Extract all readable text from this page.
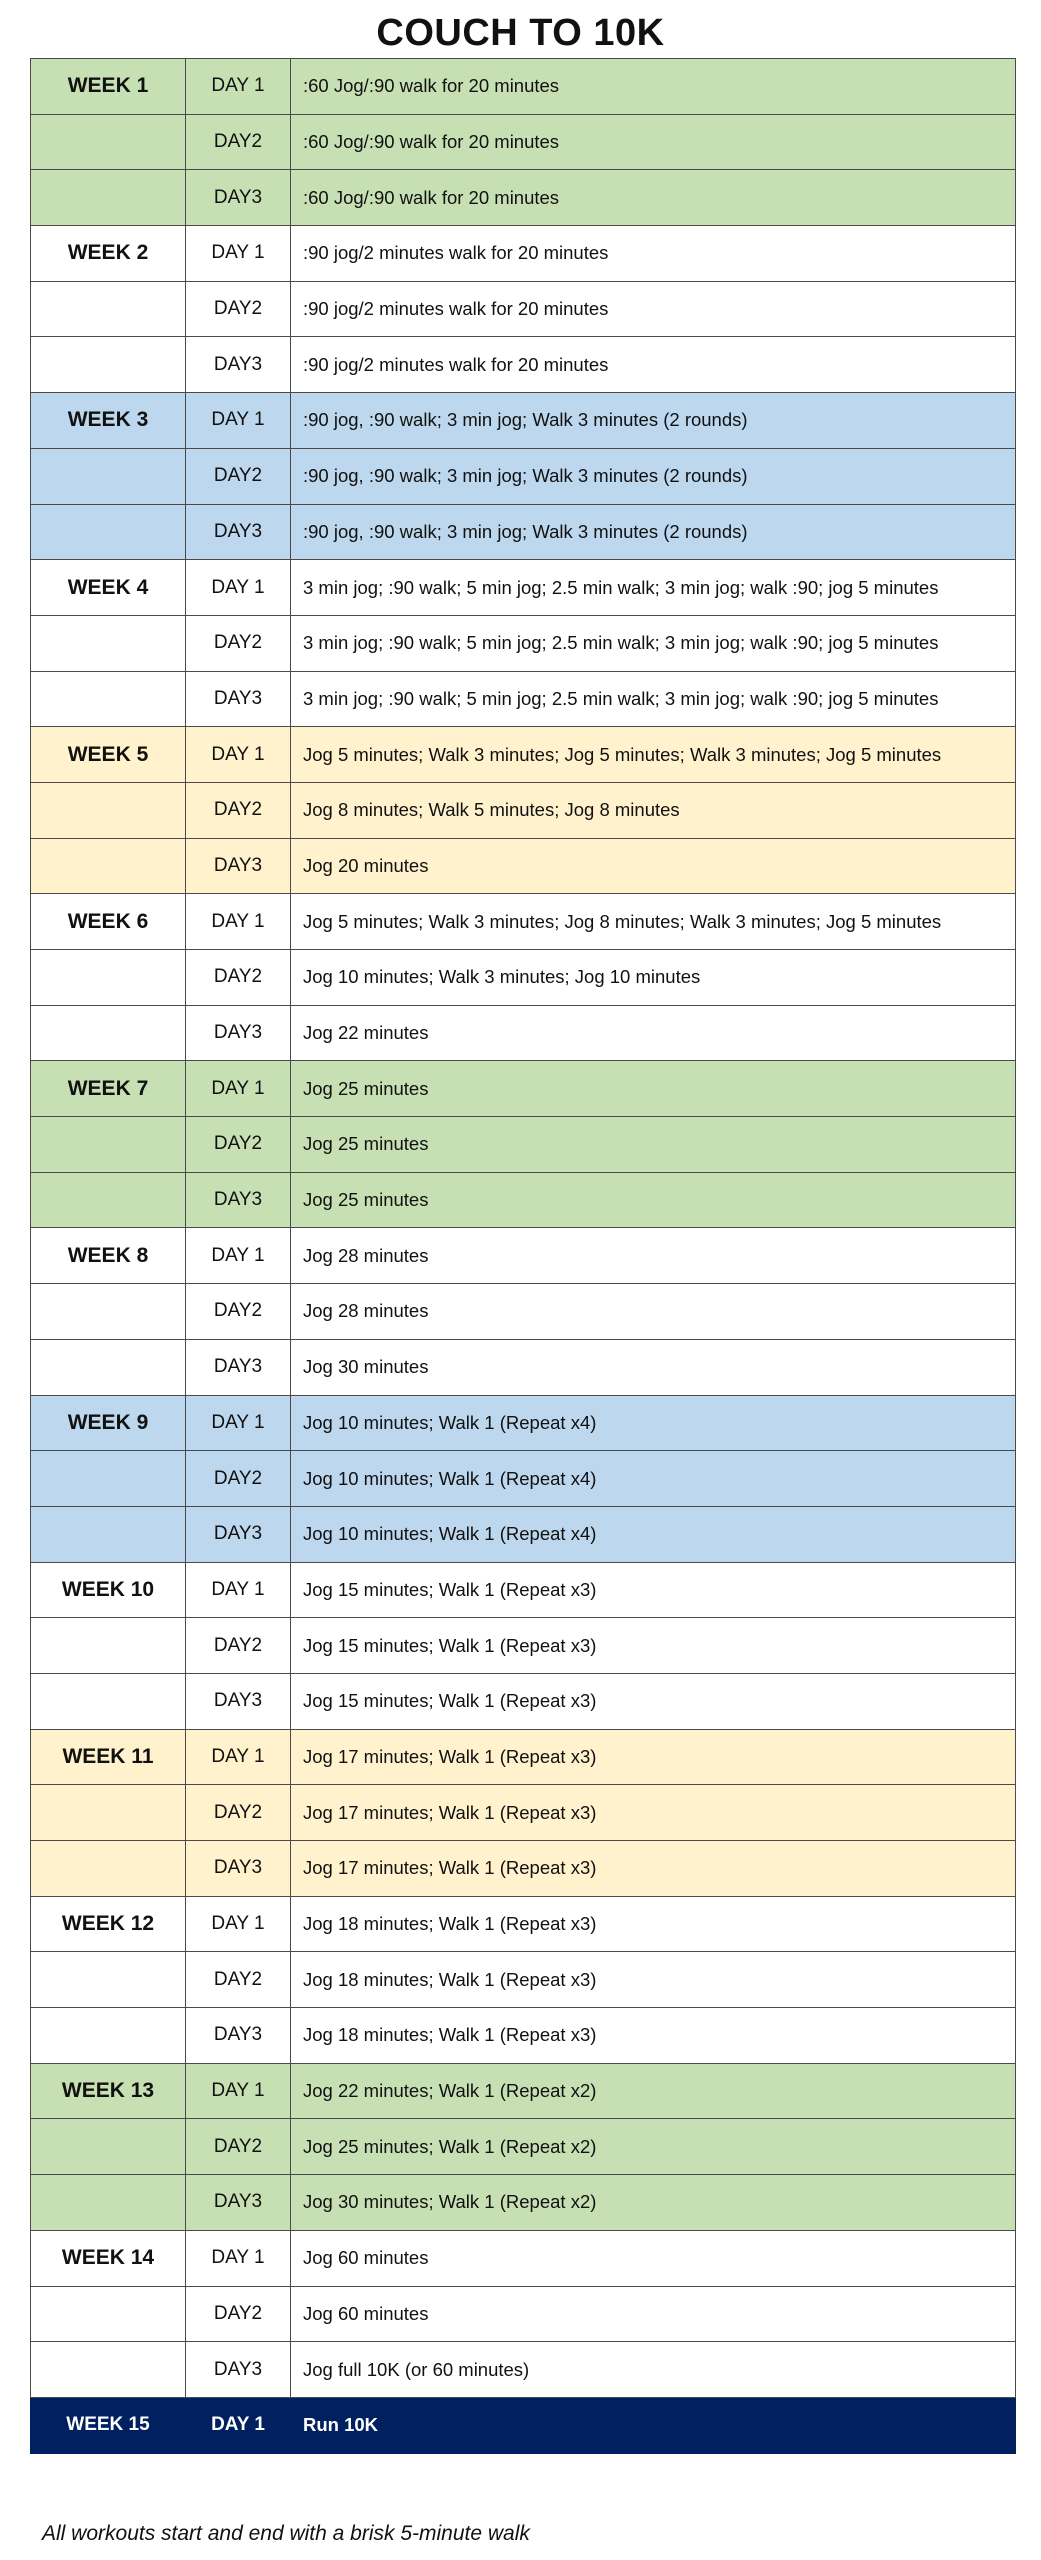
COUCH TO 10K
WEEK 1	DAY 1	:60 Jog/:90 walk for 20 minutes
	DAY2	:60 Jog/:90 walk for 20 minutes
	DAY3	:60 Jog/:90 walk for 20 minutes
WEEK 2	DAY 1	:90 jog/2 minutes walk for 20 minutes
	DAY2	:90 jog/2 minutes walk for 20 minutes
	DAY3	:90 jog/2 minutes walk for 20 minutes
WEEK 3	DAY 1	:90 jog, :90 walk; 3 min jog; Walk 3 minutes (2 rounds)
	DAY2	:90 jog, :90 walk; 3 min jog; Walk 3 minutes (2 rounds)
	DAY3	:90 jog, :90 walk; 3 min jog; Walk 3 minutes (2 rounds)
WEEK 4	DAY 1	3 min jog; :90 walk; 5 min jog; 2.5 min walk; 3 min jog; walk :90; jog 5 minutes
	DAY2	3 min jog; :90 walk; 5 min jog; 2.5 min walk; 3 min jog; walk :90; jog 5 minutes
	DAY3	3 min jog; :90 walk; 5 min jog; 2.5 min walk; 3 min jog; walk :90; jog 5 minutes
WEEK 5	DAY 1	Jog 5 minutes; Walk 3 minutes; Jog 5 minutes; Walk 3 minutes; Jog 5 minutes
	DAY2	Jog 8 minutes; Walk 5 minutes; Jog 8 minutes
	DAY3	Jog 20 minutes
WEEK 6	DAY 1	Jog 5 minutes; Walk 3 minutes; Jog 8 minutes; Walk 3 minutes; Jog 5 minutes
	DAY2	Jog 10 minutes; Walk 3 minutes; Jog 10 minutes
	DAY3	Jog 22 minutes
WEEK 7	DAY 1	Jog 25 minutes
	DAY2	Jog 25 minutes
	DAY3	Jog 25 minutes
WEEK 8	DAY 1	Jog 28 minutes
	DAY2	Jog 28 minutes
	DAY3	Jog 30 minutes
WEEK 9	DAY 1	Jog 10 minutes; Walk 1 (Repeat x4)
	DAY2	Jog 10 minutes; Walk 1 (Repeat x4)
	DAY3	Jog 10 minutes; Walk 1 (Repeat x4)
WEEK 10	DAY 1	Jog 15 minutes; Walk 1 (Repeat x3)
	DAY2	Jog 15 minutes; Walk 1 (Repeat x3)
	DAY3	Jog 15 minutes; Walk 1 (Repeat x3)
WEEK 11	DAY 1	Jog 17 minutes; Walk 1 (Repeat x3)
	DAY2	Jog 17 minutes; Walk 1 (Repeat x3)
	DAY3	Jog 17 minutes; Walk 1 (Repeat x3)
WEEK 12	DAY 1	Jog 18 minutes; Walk 1 (Repeat x3)
	DAY2	Jog 18 minutes; Walk 1 (Repeat x3)
	DAY3	Jog 18 minutes; Walk 1 (Repeat x3)
WEEK 13	DAY 1	Jog 22 minutes; Walk 1 (Repeat x2)
	DAY2	Jog 25 minutes; Walk 1 (Repeat x2)
	DAY3	Jog 30 minutes; Walk 1 (Repeat x2)
WEEK 14	DAY 1	Jog 60 minutes
	DAY2	Jog 60 minutes
	DAY3	Jog full 10K (or 60 minutes)
WEEK 15	DAY 1	Run 10K
All workouts start and end with a brisk 5-minute walk
